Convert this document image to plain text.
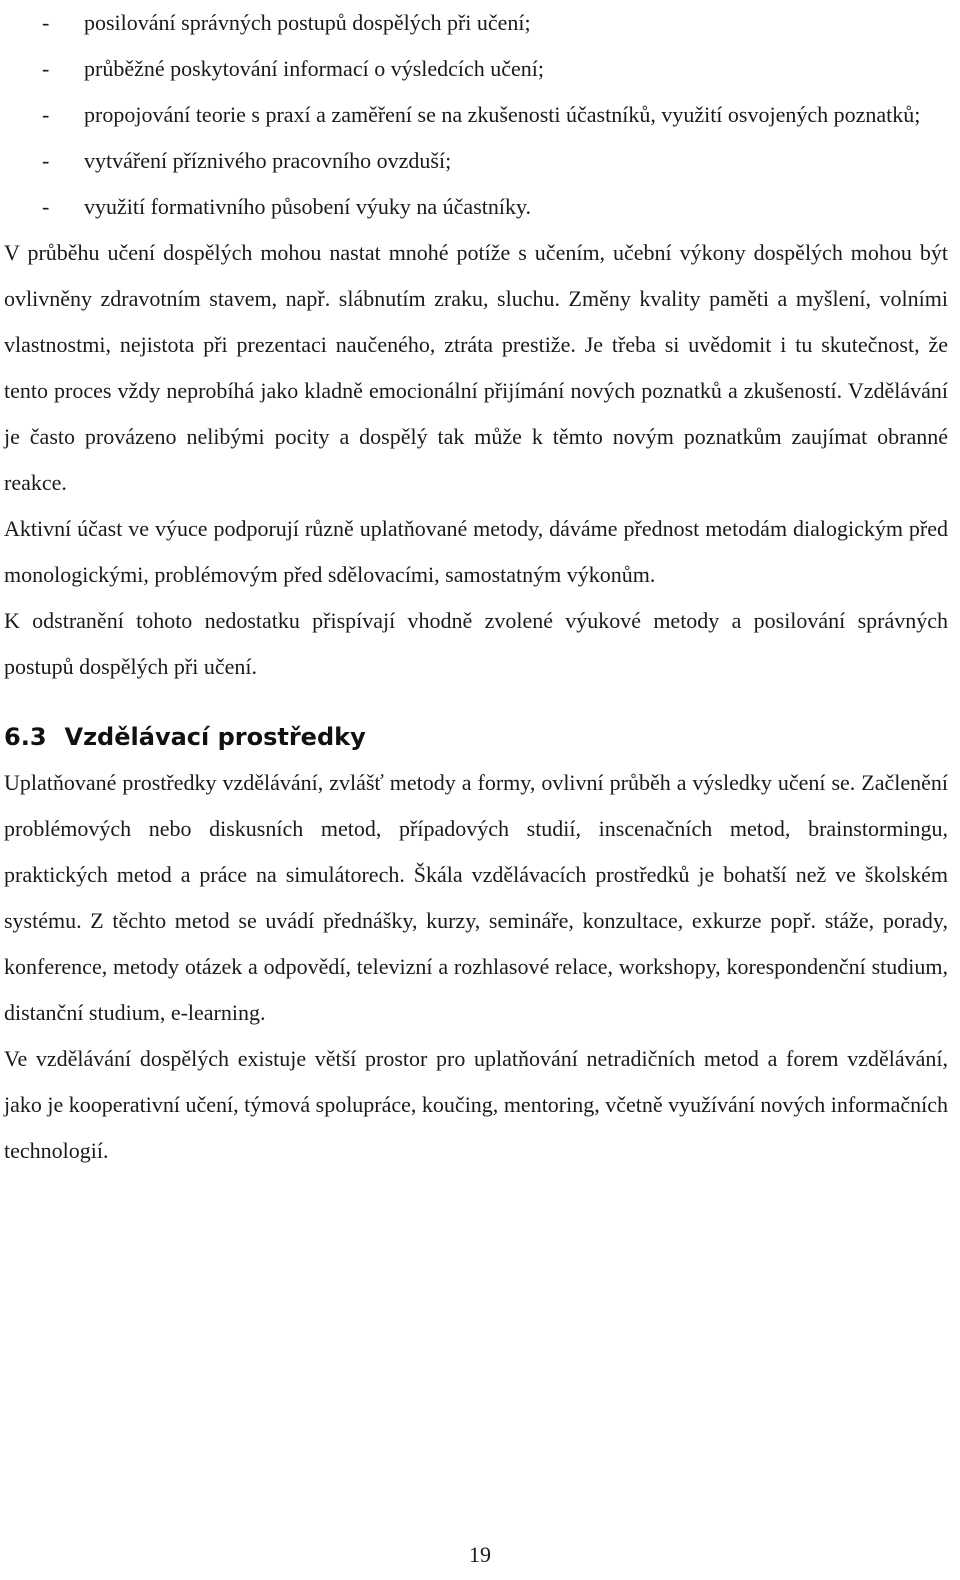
- posilování správných postupů dospělých při učení;
- průběžné poskytování informací o výsledcích učení;
- propojování teorie s praxí a zaměření se na zkušenosti účastníků, využití osvojených poznatků;
- vytváření příznivého pracovního ovzduší;
- využití formativního působení výuky na účastníky.

V průběhu učení dospělých mohou nastat mnohé potíže s učením, učební výkony dospělých mohou být ovlivněny zdravotním stavem, např. slábnutím zraku, sluchu. Změny kvality paměti a myšlení, volními vlastnostmi, nejistota při prezentaci naučeného, ztráta prestiže. Je třeba si uvědomit i tu skutečnost, že tento proces vždy neprobíhá jako kladně emocionální přijímání nových poznatků a zkušeností. Vzdělávání je často provázeno nelibými pocity a dospělý tak může k těmto novým poznatkům zaujímat obranné reakce.

Aktivní účast ve výuce podporují různě uplatňované metody, dáváme přednost metodám dialogickým před monologickými, problémovým před sdělovacími, samostatným výkonům.

K odstranění tohoto nedostatku přispívají vhodně zvolené výukové metody a posilování správných postupů dospělých při učení.

6.3 Vzdělávací prostředky

Uplatňované prostředky vzdělávání, zvlášť metody a formy, ovlivní průběh a výsledky učení se. Začlenění problémových nebo diskusních metod, případových studií, inscenačních metod, brainstormingu, praktických metod a práce na simulátorech. Škála vzdělávacích prostředků je bohatší než ve školském systému. Z těchto metod se uvádí přednášky, kurzy, semináře, konzultace, exkurze popř. stáže, porady, konference, metody otázek a odpovědí, televizní a rozhlasové relace, workshopy, korespondenční studium, distanční studium, e-learning.

Ve vzdělávání dospělých existuje větší prostor pro uplatňování netradičních metod a forem vzdělávání, jako je kooperativní učení, týmová spolupráce, koučing, mentoring, včetně využívání nových informačních technologií.

19
